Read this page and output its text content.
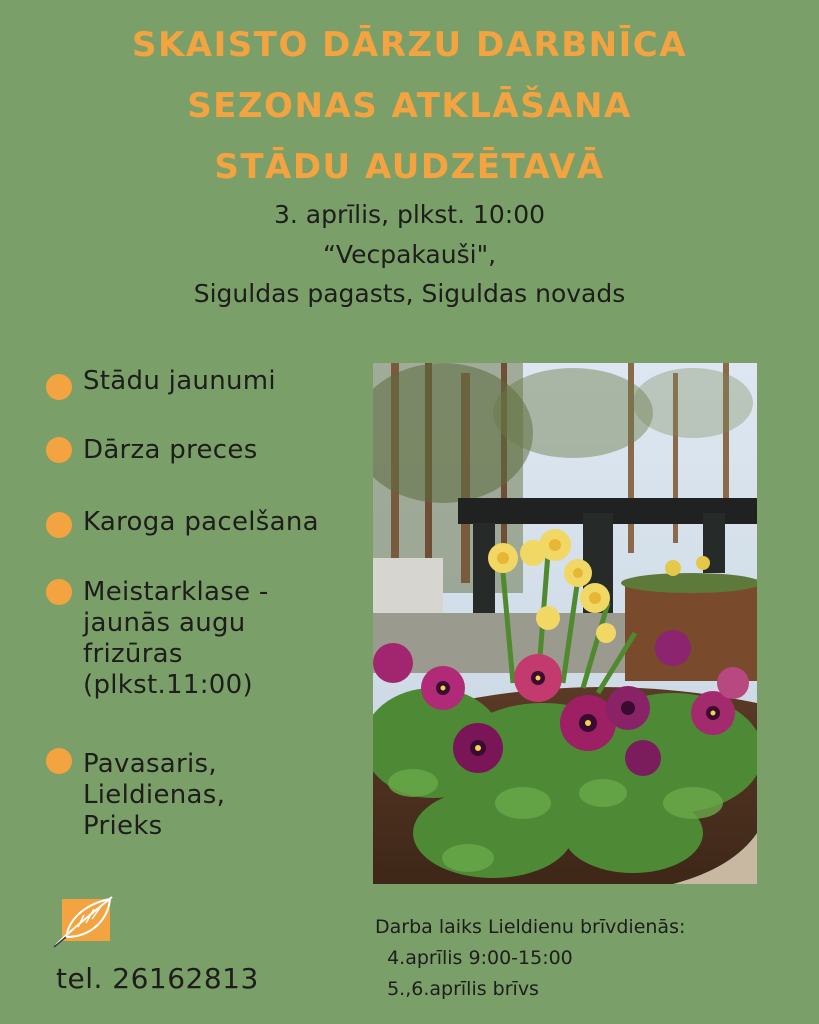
SKAISTO DĀRZU DARBNĪCA
SEZONAS ATKLĀŠANA
STĀDU AUDZĒTAVĀ
3. aprīlis, plkst. 10:00
“Vecpakauši",
Siguldas pagasts, Siguldas novads
Stādu jaunumi
Dārza preces
Karoga pacelšana
Meistarklase -
jaunās augu
frizūras
(plkst.11:00)
Pavasaris,
Lieldienas,
Prieks
tel. 26162813
Darba laiks Lieldienu brīvdienās:
4.aprīlis 9:00-15:00
5.,6.aprīlis brīvs
